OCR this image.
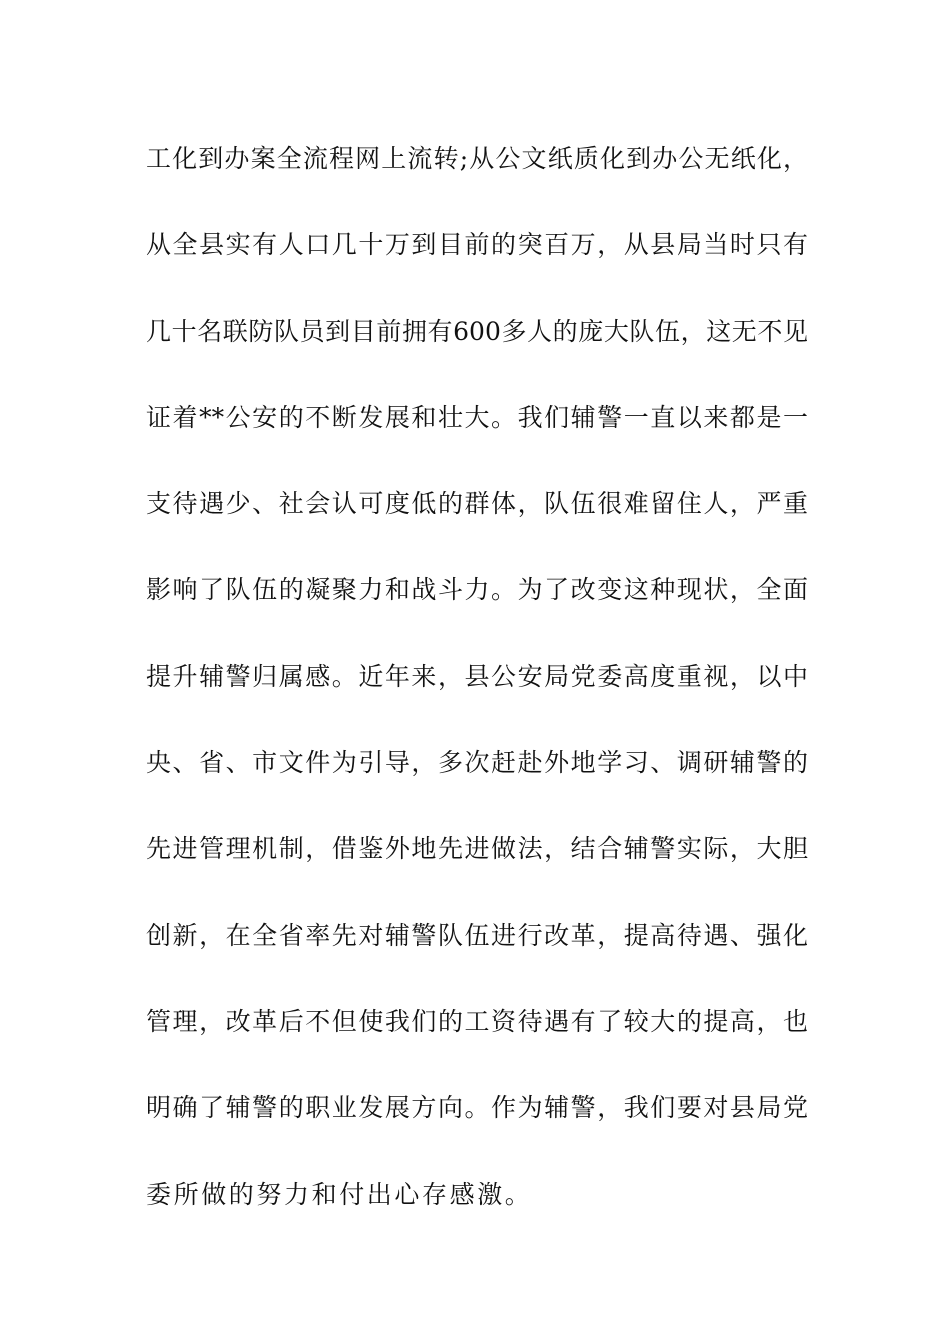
工化到办案全流程网上流转;从公文纸质化到办公无纸化，
从全县实有人口几十万到目前的突百万，从县局当时只有
几十名联防队员到目前拥有600多人的庞大队伍，这无不见
证着**公安的不断发展和壮大。我们辅警一直以来都是一
支待遇少、社会认可度低的群体，队伍很难留住人，严重
影响了队伍的凝聚力和战斗力。为了改变这种现状，全面
提升辅警归属感。近年来，县公安局党委高度重视，以中
央、省、市文件为引导，多次赶赴外地学习、调研辅警的
先进管理机制，借鉴外地先进做法，结合辅警实际，大胆
创新，在全省率先对辅警队伍进行改革，提高待遇、强化
管理，改革后不但使我们的工资待遇有了较大的提高，也
明确了辅警的职业发展方向。作为辅警，我们要对县局党
委所做的努力和付出心存感激。
